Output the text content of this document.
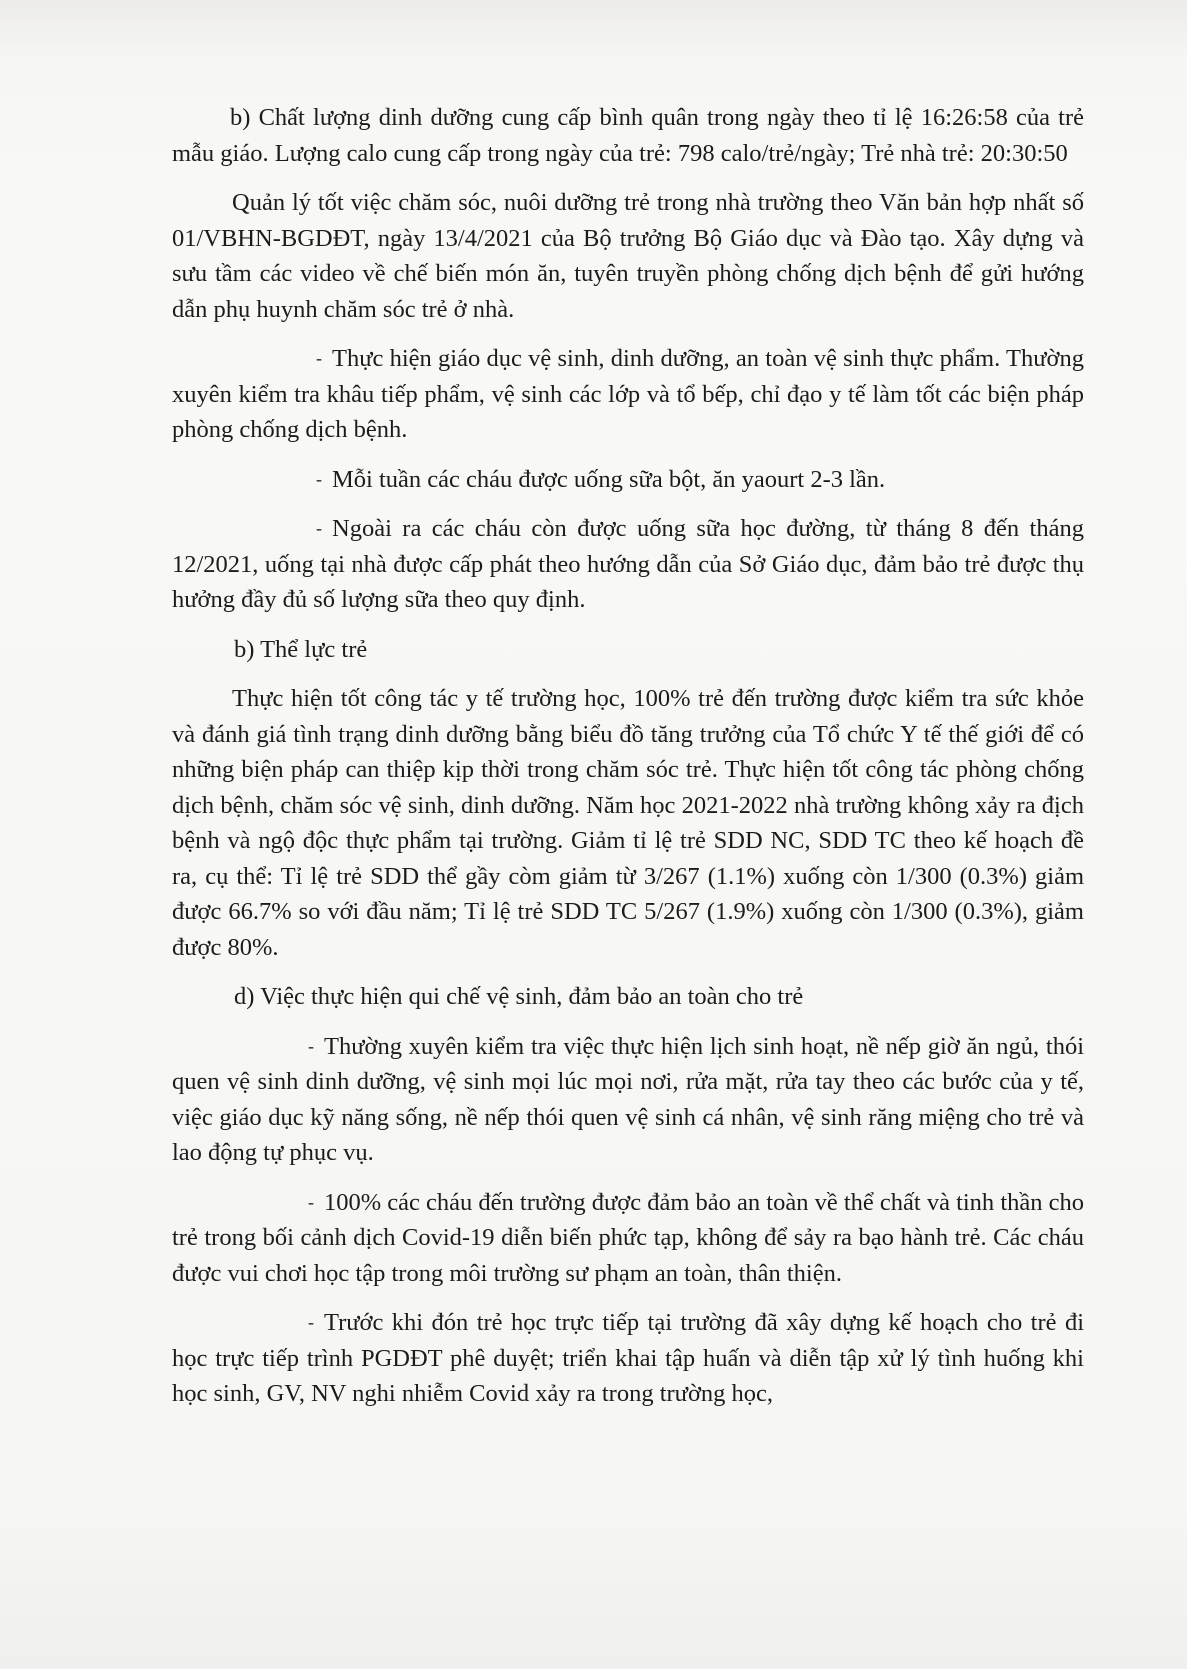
b) Chất lượng dinh dưỡng cung cấp bình quân trong ngày theo tỉ lệ 16:26:58 của trẻ mẫu giáo. Lượng calo cung cấp trong ngày của trẻ: 798 calo/trẻ/ngày; Trẻ nhà trẻ: 20:30:50

Quản lý tốt việc chăm sóc, nuôi dưỡng trẻ trong nhà trường theo Văn bản hợp nhất số 01/VBHN-BGDĐT, ngày 13/4/2021 của Bộ trưởng Bộ Giáo dục và Đào tạo. Xây dựng và sưu tầm các video về chế biến món ăn, tuyên truyền phòng chống dịch bệnh để gửi hướng dẫn phụ huynh chăm sóc trẻ ở nhà.

- Thực hiện giáo dục vệ sinh, dinh dưỡng, an toàn vệ sinh thực phẩm. Thường xuyên kiểm tra khâu tiếp phẩm, vệ sinh các lớp và tổ bếp, chỉ đạo y tế làm tốt các biện pháp phòng chống dịch bệnh.

- Mỗi tuần các cháu được uống sữa bột, ăn yaourt 2-3 lần.

- Ngoài ra các cháu còn được uống sữa học đường, từ tháng 8 đến tháng 12/2021, uống tại nhà được cấp phát theo hướng dẫn của Sở Giáo dục, đảm bảo trẻ được thụ hưởng đầy đủ số lượng sữa theo quy định.

b) Thể lực trẻ

Thực hiện tốt công tác y tế trường học, 100% trẻ đến trường được kiểm tra sức khỏe và đánh giá tình trạng dinh dưỡng bằng biểu đồ tăng trưởng của Tổ chức Y tế thế giới để có những biện pháp can thiệp kịp thời trong chăm sóc trẻ. Thực hiện tốt công tác phòng chống dịch bệnh, chăm sóc vệ sinh, dinh dưỡng. Năm học 2021-2022 nhà trường không xảy ra địch bệnh và ngộ độc thực phẩm tại trường. Giảm tỉ lệ trẻ SDD NC, SDD TC theo kế hoạch đề ra, cụ thể: Tỉ lệ trẻ SDD thể gầy còm giảm từ 3/267 (1.1%) xuống còn 1/300 (0.3%) giảm được 66.7% so với đầu năm; Tỉ lệ trẻ SDD TC 5/267 (1.9%) xuống còn 1/300 (0.3%), giảm được 80%.

d) Việc thực hiện qui chế vệ sinh, đảm bảo an toàn cho trẻ

- Thường xuyên kiểm tra việc thực hiện lịch sinh hoạt, nề nếp giờ ăn ngủ, thói quen vệ sinh dinh dưỡng, vệ sinh mọi lúc mọi nơi, rửa mặt, rửa tay theo các bước của y tế, việc giáo dục kỹ năng sống, nề nếp thói quen vệ sinh cá nhân, vệ sinh răng miệng cho trẻ và lao động tự phục vụ.

- 100% các cháu đến trường được đảm bảo an toàn về thể chất và tinh thần cho trẻ trong bối cảnh dịch Covid-19 diễn biến phức tạp, không để sảy ra bạo hành trẻ. Các cháu được vui chơi học tập trong môi trường sư phạm an toàn, thân thiện.

- Trước khi đón trẻ học trực tiếp tại trường đã xây dựng kế hoạch cho trẻ đi học trực tiếp trình PGDĐT phê duyệt; triển khai tập huấn và diễn tập xử lý tình huống khi học sinh, GV, NV nghi nhiễm Covid xảy ra trong trường học,
